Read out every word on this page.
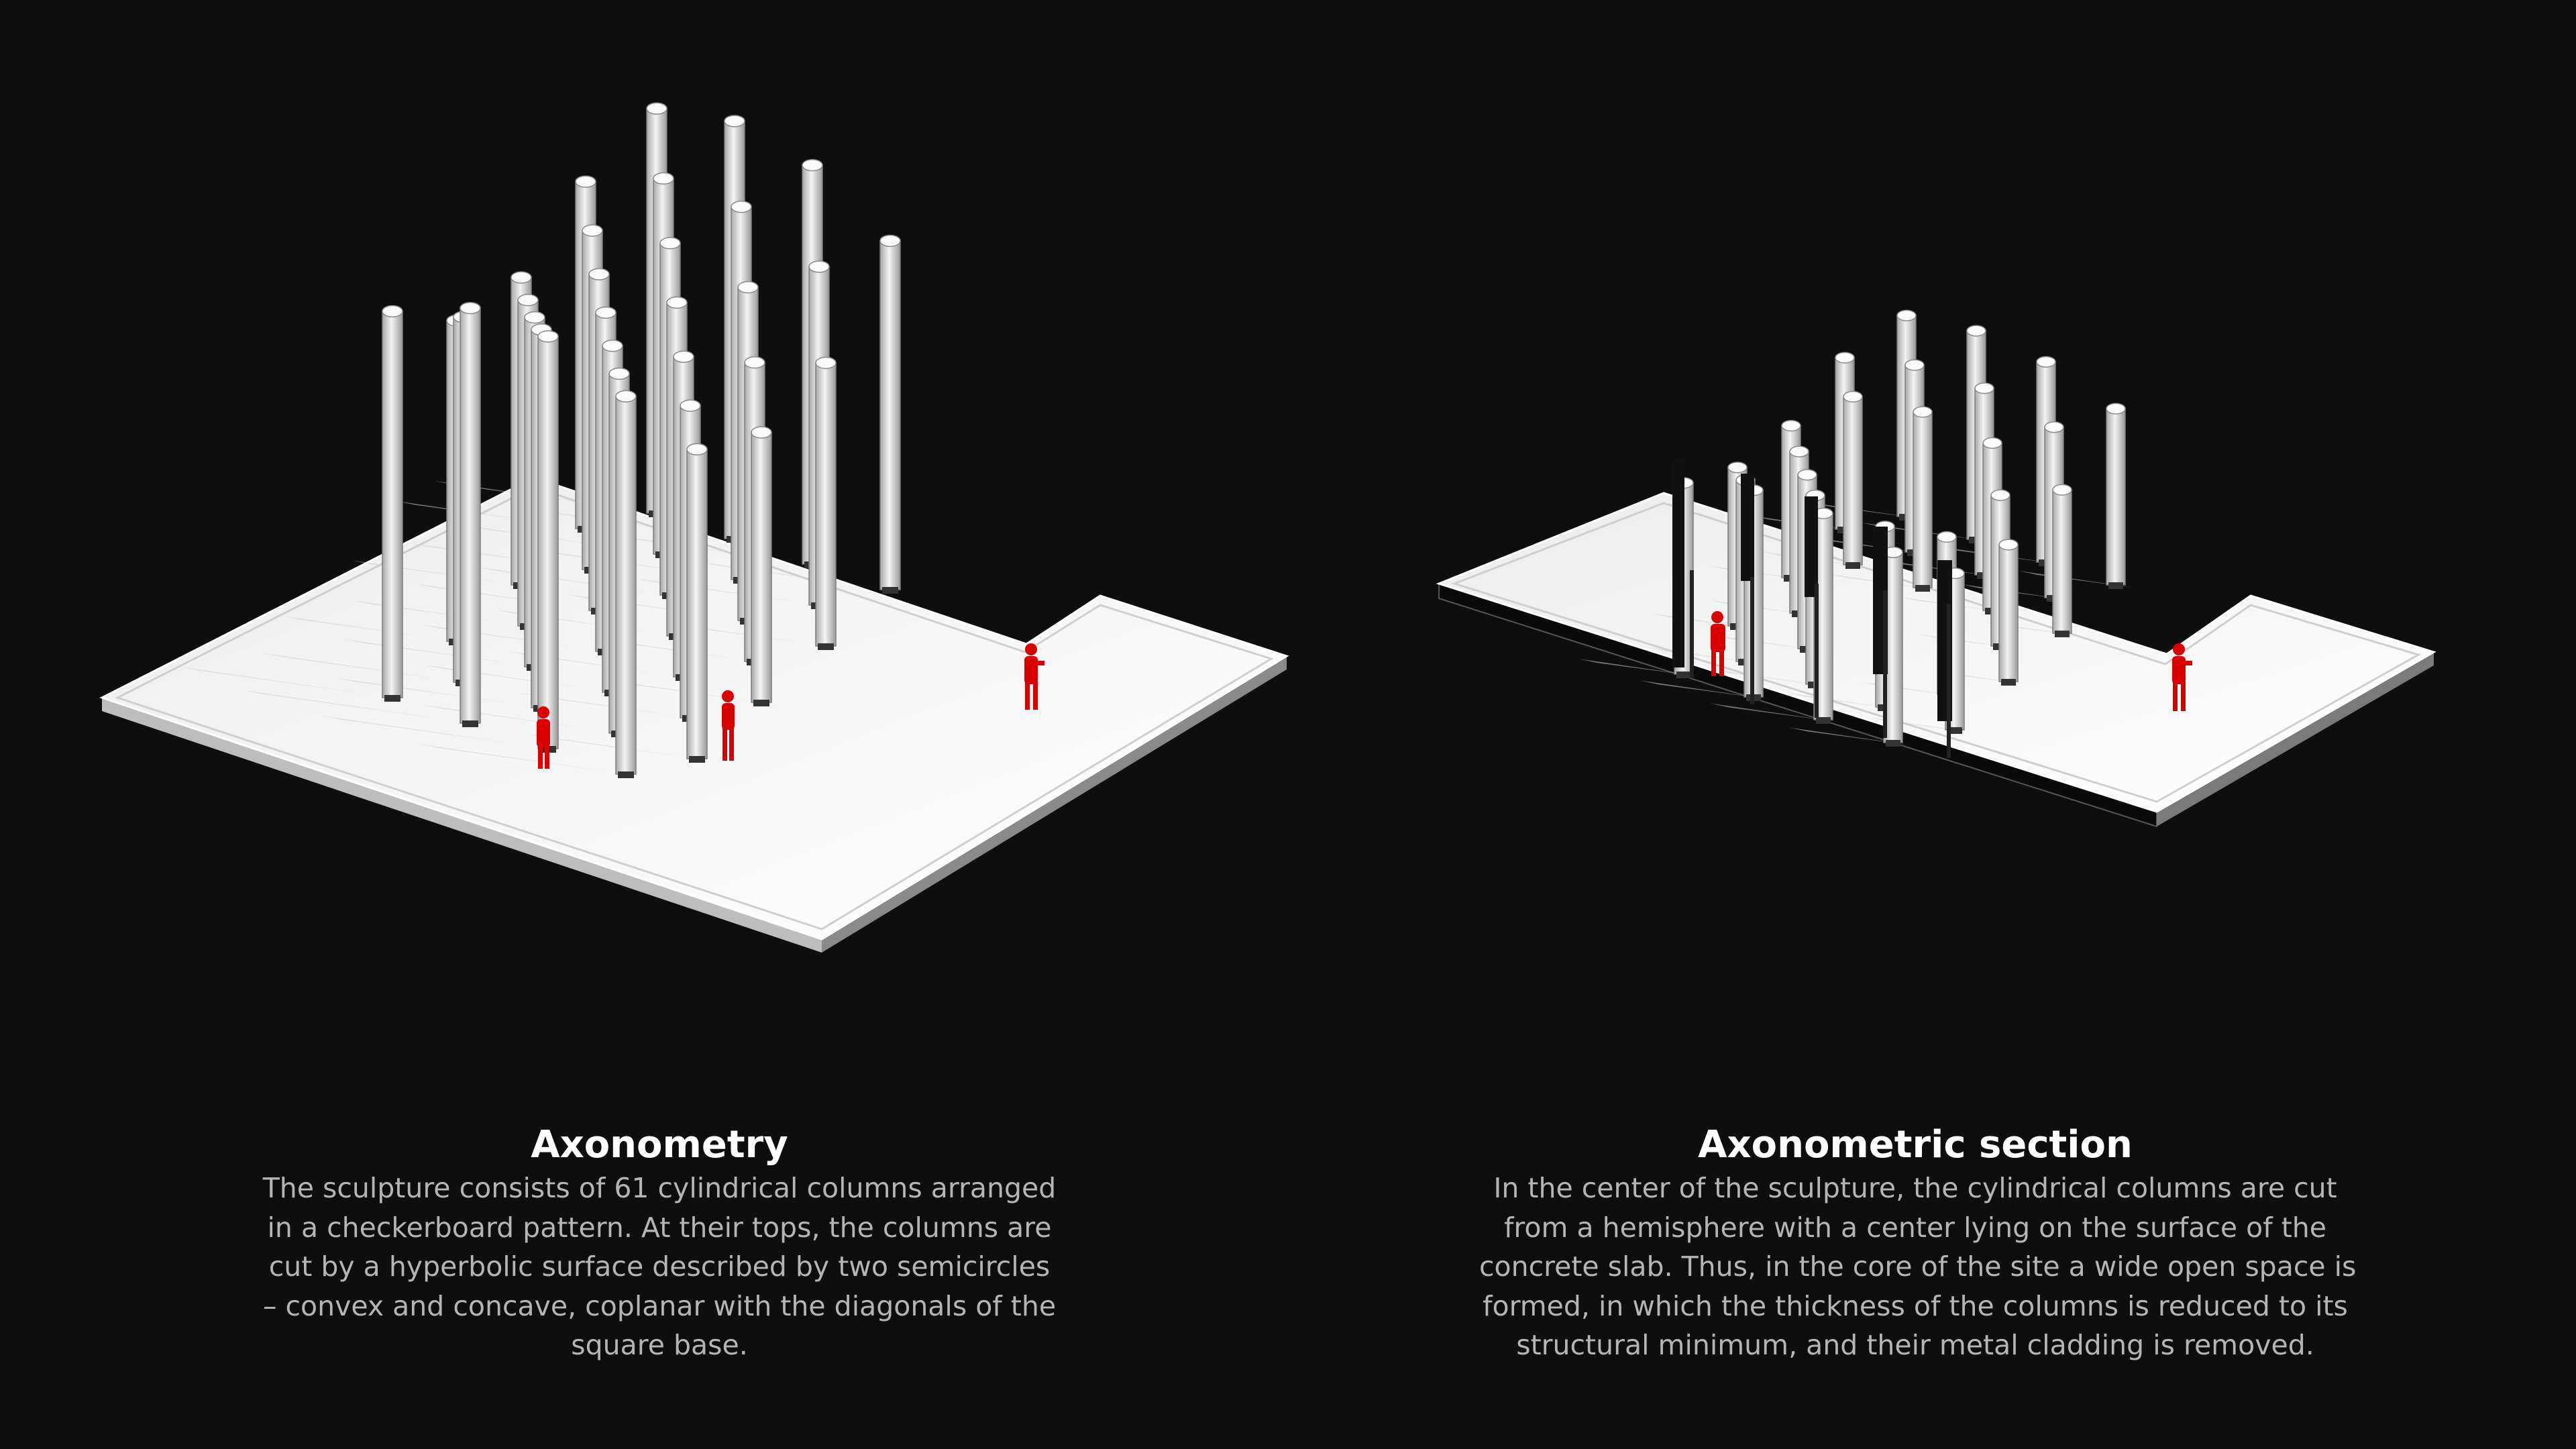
Axonometry

The sculpture consists of 61 cylindrical columns arranged
in a checkerboard pattern. At their tops, the columns are
cut by a hyperbolic surface described by two semicircles
– convex and concave, coplanar with the diagonals of the
square base.

Axonometric section

In the center of the sculpture, the cylindrical columns are cut
from a hemisphere with a center lying on the surface of the
concrete slab. Thus, in the core of the site a wide open space is
formed, in which the thickness of the columns is reduced to its
structural minimum, and their metal cladding is removed.
